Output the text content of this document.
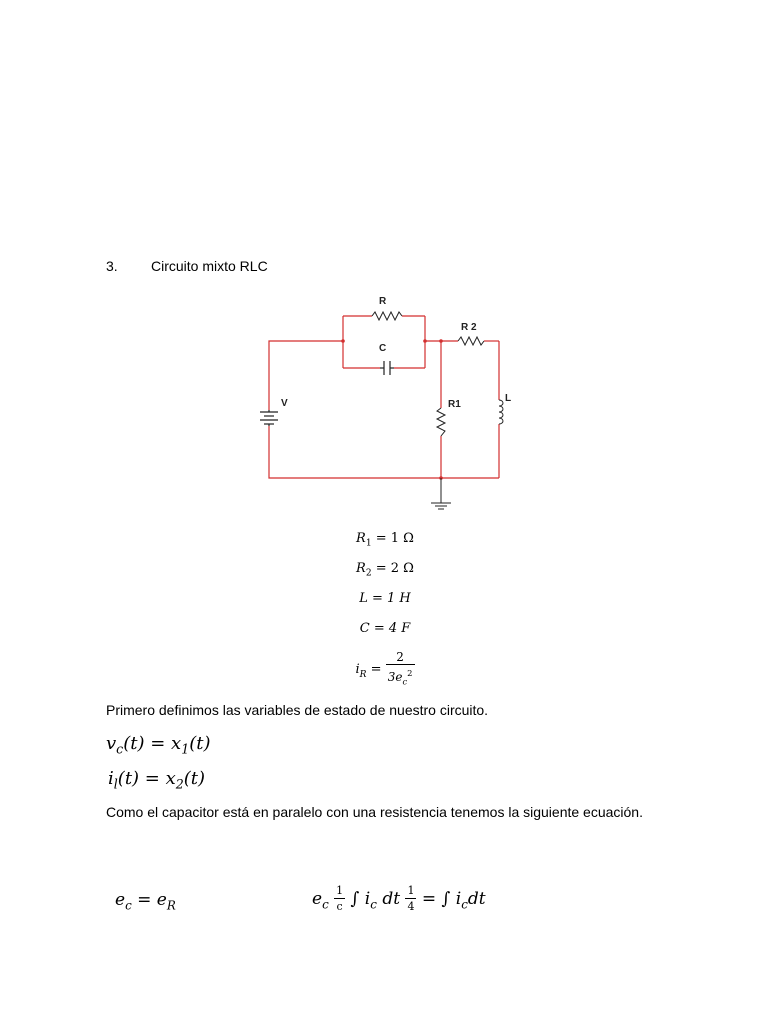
3. Circuito mixto RLC
R
C
R 2
V	R1
L
$R_1 = 1$ Ω
$R_2 = 2$ Ω
L = 1 H
C = 4 F
$i_R = \frac{2}{3e_c^2}$
Primero definimos las variables de estado de nuestro circuito.
$v_c(t) = x_1(t)$
$i_l(t) = x_2(t)$
Como el capacitor está en paralelo con una resistencia tenemos la siguiente ecuación.
$e_c = e_R$	$e_c \frac{1}{c}$ ∫ $i_c$ dt $\frac{1}{4}$ = ∫ $i_cdt$
